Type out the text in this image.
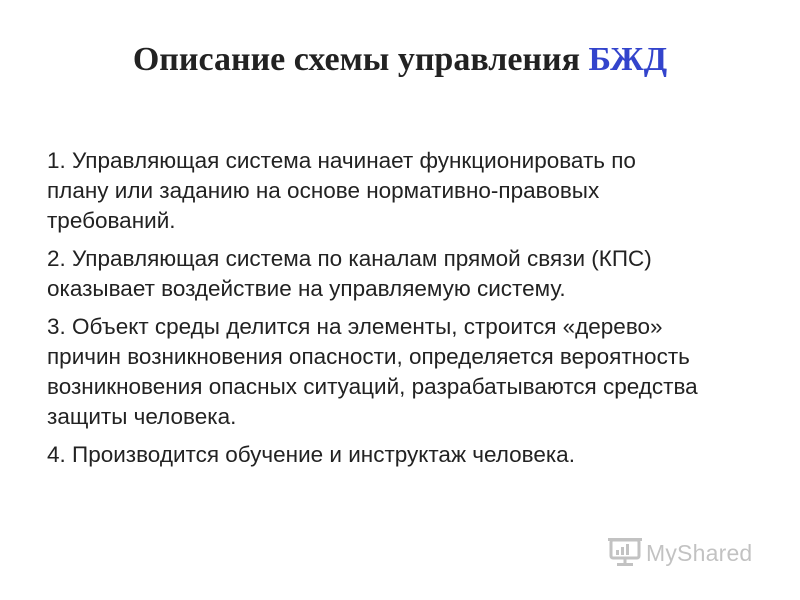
Описание схемы управления БЖД

1. Управляющая система начинает функционировать по
плану или заданию на основе нормативно-правовых
требований.

2. Управляющая система по каналам прямой связи (КПС)
оказывает воздействие на управляемую систему.

3. Объект среды делится на элементы, строится «дерево»
причин возникновения опасности, определяется вероятность
возникновения опасных ситуаций, разрабатываются средства
защиты человека.

4. Производится обучение и инструктаж человека.

MyShared
